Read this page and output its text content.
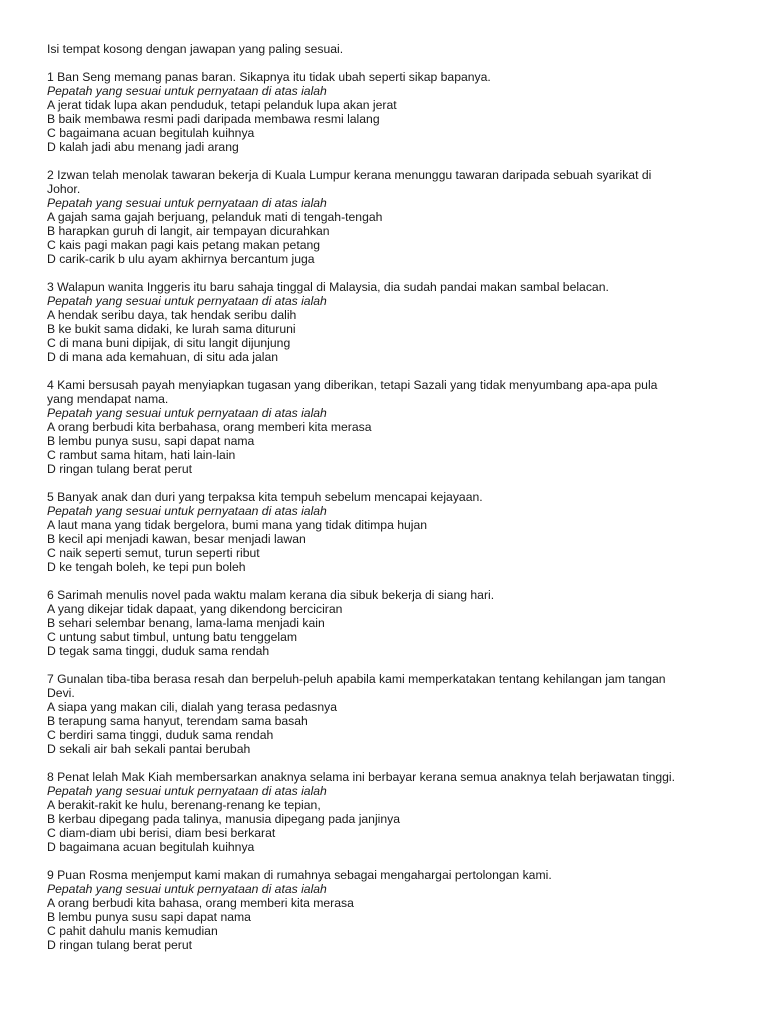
Isi tempat kosong dengan jawapan yang paling sesuai.
1 Ban Seng memang panas baran. Sikapnya itu tidak ubah seperti sikap bapanya.
Pepatah yang sesuai untuk pernyataan di atas ialah
A jerat tidak lupa akan penduduk, tetapi pelanduk lupa akan jerat
B baik membawa resmi padi daripada membawa resmi lalang
C bagaimana acuan begitulah kuihnya
D kalah jadi abu menang jadi arang
2 Izwan telah menolak tawaran bekerja di Kuala Lumpur kerana menunggu tawaran daripada sebuah syarikat di
Johor.
Pepatah yang sesuai untuk pernyataan di atas ialah
A gajah sama gajah berjuang, pelanduk mati di tengah-tengah
B harapkan guruh di langit, air tempayan dicurahkan
C kais pagi makan pagi kais petang makan petang
D carik-carik b ulu ayam akhirnya bercantum juga
3 Walapun wanita Inggeris itu baru sahaja tinggal di Malaysia, dia sudah pandai makan sambal belacan.
Pepatah yang sesuai untuk pernyataan di atas ialah
A hendak seribu daya, tak hendak seribu dalih
B ke bukit sama didaki, ke lurah sama dituruni
C di mana buni dipijak, di situ langit dijunjung
D di mana ada kemahuan, di situ ada jalan
4 Kami bersusah payah menyiapkan tugasan yang diberikan, tetapi Sazali yang tidak menyumbang apa-apa pula
yang mendapat nama.
Pepatah yang sesuai untuk pernyataan di atas ialah
A orang berbudi kita berbahasa, orang memberi kita merasa
B lembu punya susu, sapi dapat nama
C rambut sama hitam, hati lain-lain
D ringan tulang berat perut
5 Banyak anak dan duri yang terpaksa kita tempuh sebelum mencapai kejayaan.
Pepatah yang sesuai untuk pernyataan di atas ialah
A laut mana yang tidak bergelora, bumi mana yang tidak ditimpa hujan
B kecil api menjadi kawan, besar menjadi lawan
C naik seperti semut, turun seperti ribut
D ke tengah boleh, ke tepi pun boleh
6 Sarimah menulis novel pada waktu malam kerana dia sibuk bekerja di siang hari.
A yang dikejar tidak dapaat, yang dikendong berciciran
B sehari selembar benang, lama-lama menjadi kain
C untung sabut timbul, untung batu tenggelam
D tegak sama tinggi, duduk sama rendah
7 Gunalan tiba-tiba berasa resah dan berpeluh-peluh apabila kami memperkatakan tentang kehilangan jam tangan
Devi.
A siapa yang makan cili, dialah yang terasa pedasnya
B terapung sama hanyut, terendam sama basah
C berdiri sama tinggi, duduk sama rendah
D sekali air bah sekali pantai berubah
8 Penat lelah Mak Kiah membersarkan anaknya selama ini berbayar kerana semua anaknya telah berjawatan tinggi.
Pepatah yang sesuai untuk pernyataan di atas ialah
A berakit-rakit ke hulu, berenang-renang ke tepian,
B kerbau dipegang pada talinya, manusia dipegang pada janjinya
C diam-diam ubi berisi, diam besi berkarat
D bagaimana acuan begitulah kuihnya
9 Puan Rosma menjemput kami makan di rumahnya sebagai mengahargai pertolongan kami.
Pepatah yang sesuai untuk pernyataan di atas ialah
A orang berbudi kita bahasa, orang memberi kita merasa
B lembu punya susu sapi dapat nama
C pahit dahulu manis kemudian
D ringan tulang berat perut
